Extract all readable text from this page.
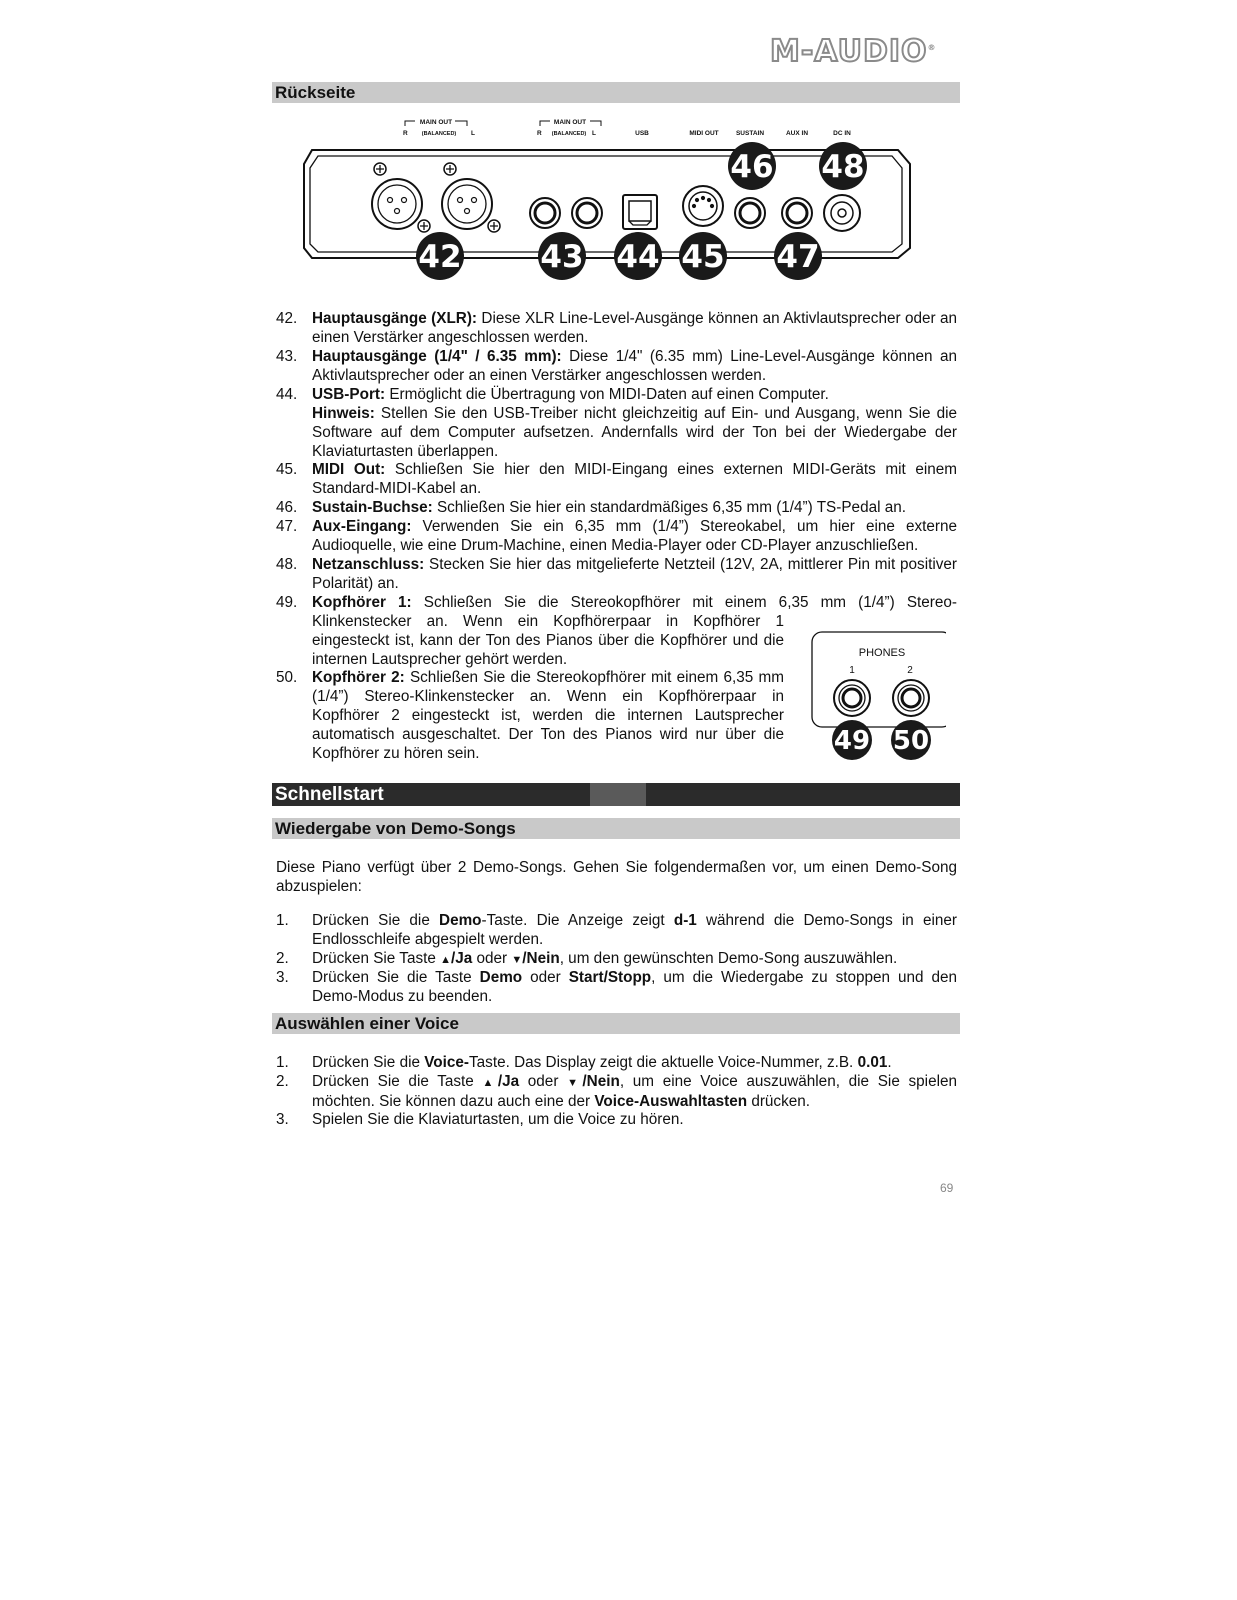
M-AUDIO®
Rückseite
MAIN OUT
R	(BALANCED) L
MAIN OUT
R (BALANCED) L	USB	MIDI OUT	SUSTAIN	AUX IN	DC IN
46 48
42	43 44 45 47
42. Hauptausgänge (XLR): Diese XLR Line-Level-Ausgänge können an Aktivlautsprecher oder an einen Verstärker angeschlossen werden.
43. Hauptausgänge (1/4" / 6.35 mm): Diese 1/4" (6.35 mm) Line-Level-Ausgänge können an Aktivlautsprecher oder an einen Verstärker angeschlossen werden.
44. USB-Port: Ermöglicht die Übertragung von MIDI-Daten auf einen Computer.

Hinweis: Stellen Sie den USB-Treiber nicht gleichzeitig auf Ein- und Ausgang, wenn Sie die Software auf dem Computer aufsetzen. Andernfalls wird der Ton bei der Wiedergabe der Klaviaturtasten überlappen.

45. MIDI Out: Schließen Sie hier den MIDI-Eingang eines externen MIDI-Geräts mit einem Standard-MIDI-Kabel an.
46. Sustain-Buchse: Schließen Sie hier ein standardmäßiges 6,35 mm (1/4”) TS-Pedal an.
47. Aux-Eingang: Verwenden Sie ein 6,35 mm (1/4”) Stereokabel, um hier eine externe Audioquelle, wie eine Drum-Machine, einen Media-Player oder CD-Player anzuschließen.
48. Netzanschluss: Stecken Sie hier das mitgelieferte Netzteil (12V, 2A, mittlerer Pin mit positiver Polarität) an.
49. Kopfhörer 1: Schließen Sie die Stereokopfhörer mit einem 6,35 mm (1/4”) Stereo-
Klinkenstecker an. Wenn ein Kopfhörerpaar in Kopfhörer 1 eingesteckt ist, kann der Ton des Pianos über die Kopfhörer und die internen Lautsprecher gehört werden.
50. Kopfhörer 2: Schließen Sie die Stereokopfhörer mit einem 6,35 mm (1/4”) Stereo-Klinkenstecker an. Wenn ein Kopfhörerpaar in Kopfhörer 2 eingesteckt ist, werden die internen Lautsprecher automatisch ausgeschaltet. Der Ton des Pianos wird nur über die Kopfhörer zu hören sein.
PHONES
1	2
49 50
Schnellstart
Wiedergabe von Demo-Songs
Diese Piano verfügt über 2 Demo-Songs. Gehen Sie folgendermaßen vor, um einen Demo-Song abzuspielen:
1.	Drücken Sie die Demo-Taste. Die Anzeige zeigt d-1 während die Demo-Songs in einer Endlosschleife abgespielt werden.
2.	Drücken Sie Taste ▲/Ja oder ▼/Nein, um den gewünschten Demo-Song auszuwählen.
3.	Drücken Sie die Taste Demo oder Start/Stopp, um die Wiedergabe zu stoppen und den Demo-Modus zu beenden.
Auswählen einer Voice
1.	Drücken Sie die Voice-Taste. Das Display zeigt die aktuelle Voice-Nummer, z.B. 0.01.
2.	Drücken Sie die Taste ▲/Ja oder ▼/Nein, um eine Voice auszuwählen, die Sie spielen möchten. Sie können dazu auch eine der Voice-Auswahltasten drücken.
3.	Spielen Sie die Klaviaturtasten, um die Voice zu hören.
69
